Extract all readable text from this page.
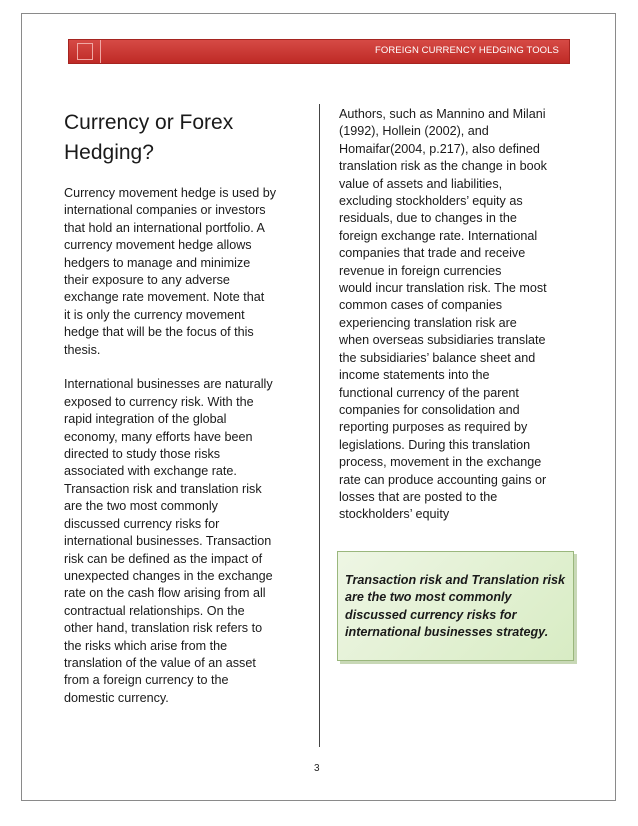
FOREIGN CURRENCY HEDGING TOOLS
Currency or Forex
Hedging?

Currency movement hedge is used by
international companies or investors
that hold an international portfolio. A
currency movement hedge allows
hedgers to manage and minimize
their exposure to any adverse
exchange rate movement. Note that
it is only the currency movement
hedge that will be the focus of this
thesis.

International businesses are naturally
exposed to currency risk. With the
rapid integration of the global
economy, many efforts have been
directed to study those risks
associated with exchange rate.
Transaction risk and translation risk
are the two most commonly
discussed currency risks for
international businesses. Transaction
risk can be defined as the impact of
unexpected changes in the exchange
rate on the cash flow arising from all
contractual relationships. On the
other hand, translation risk refers to
the risks which arise from the
translation of the value of an asset
from a foreign currency to the
domestic currency.

Authors, such as Mannino and Milani
(1992), Hollein (2002), and
Homaifar(2004, p.217), also defined
translation risk as the change in book
value of assets and liabilities,
excluding stockholders’ equity as
residuals, due to changes in the
foreign exchange rate. International
companies that trade and receive
revenue in foreign currencies
would incur translation risk. The most
common cases of companies
experiencing translation risk are
when overseas subsidiaries translate
the subsidiaries’ balance sheet and
income statements into the
functional currency of the parent
companies for consolidation and
reporting purposes as required by
legislations. During this translation
process, movement in the exchange
rate can produce accounting gains or
losses that are posted to the
stockholders’ equity

Transaction risk and Translation risk
are the two most commonly
discussed currency risks for
international businesses strategy.
3
